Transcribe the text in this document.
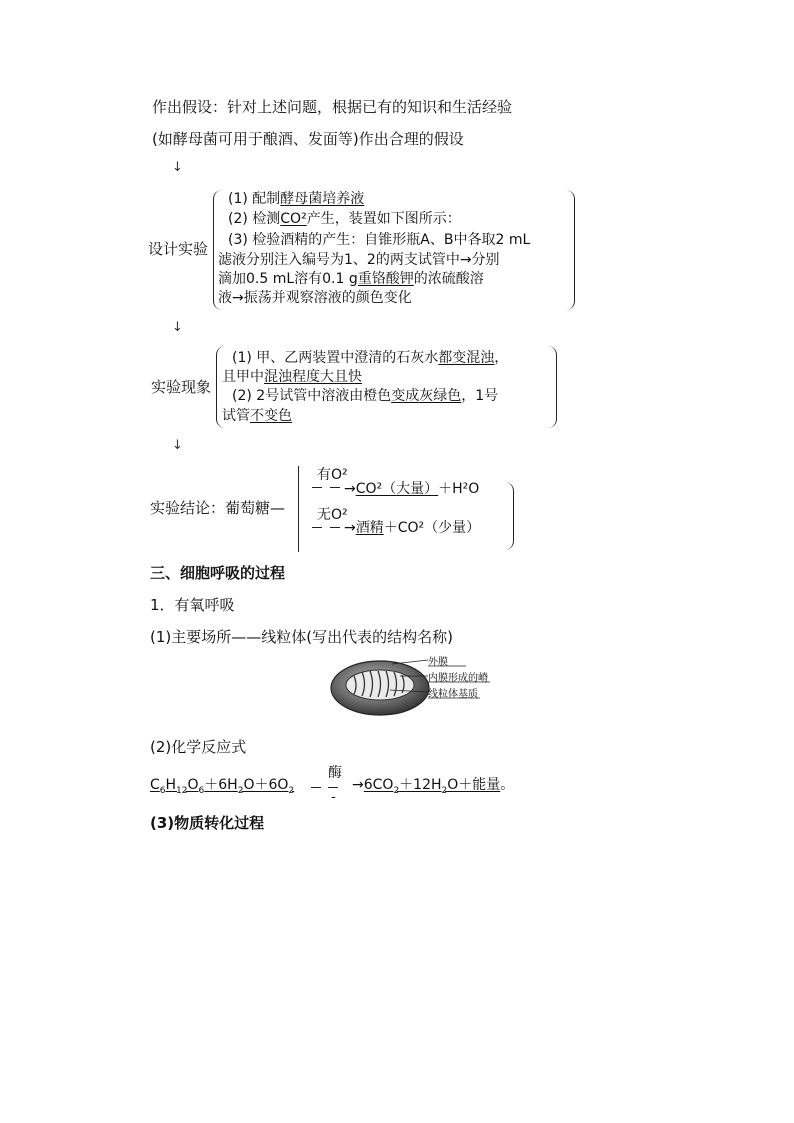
作出假设：针对上述问题，根据已有的知识和生活经验
(如酵母菌可用于酿酒、发面等)作出合理的假设
↓
设计实验
(1) 配制酵母菌培养液
(2) 检测CO²产生，装置如下图所示：
(3) 检验酒精的产生：自锥形瓶A、B中各取2 mL
滤液分别注入编号为1、2的两支试管中→分别
滴加0.5 mL溶有0.1 g重铬酸钾的浓硫酸溶
液→振荡并观察溶液的颜色变化
↓
实验现象
(1) 甲、乙两装置中澄清的石灰水都变混浊，
且甲中混浊程度大且快
(2) 2号试管中溶液由橙色变成灰绿色，1号
试管不变色
↓
实验结论：葡萄糖—
有O²
→CO²（大量）＋H²O
无O²
→酒精＋CO²（少量）
三、细胞呼吸的过程
1．有氧呼吸
(1)主要场所——线粒体(写出代表的结构名称)
外膜
内膜形成的嵴
线粒体基质
(2)化学反应式
$C_6H_{12}O_6+6H_2O+6O_2$
酶
-
$\to 6CO_2+12H_2O+$能量。
(3)物质转化过程
